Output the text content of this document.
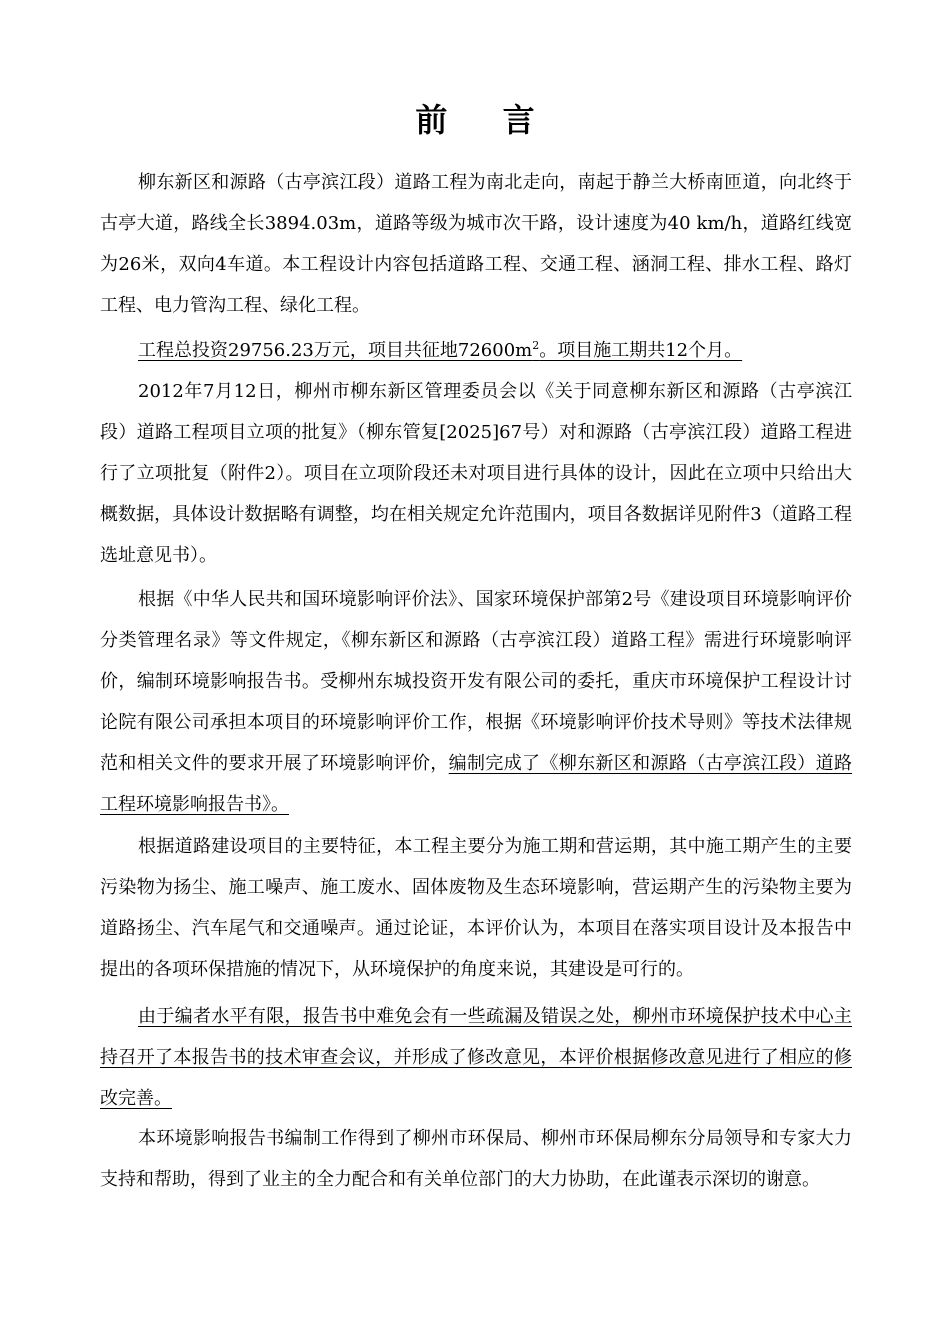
前 言

柳东新区和源路（古亭滨江段）道路工程为南北走向，南起于静兰大桥南匝道，向北终于古亭大道，路线全长3894.03m，道路等级为城市次干路，设计速度为40 km/h，道路红线宽为26米，双向4车道。本工程设计内容包括道路工程、交通工程、涵洞工程、排水工程、路灯工程、电力管沟工程、绿化工程。

工程总投资29756.23万元，项目共征地$72600m^2$。项目施工期共12个月。

2012年7月12日，柳州市柳东新区管理委员会以《关于同意柳东新区和源路（古亭滨江段）道路工程项目立项的批复》（柳东管复[2025]67号）对和源路（古亭滨江段）道路工程进行了立项批复（附件2）。项目在立项阶段还未对项目进行具体的设计，因此在立项中只给出大概数据，具体设计数据略有调整，均在相关规定允许范围内，项目各数据详见附件3（道路工程选址意见书）。

根据《中华人民共和国环境影响评价法》、国家环境保护部第2号《建设项目环境影响评价分类管理名录》等文件规定，《柳东新区和源路（古亭滨江段）道路工程》需进行环境影响评价，编制环境影响报告书。受柳州东城投资开发有限公司的委托，重庆市环境保护工程设计讨论院有限公司承担本项目的环境影响评价工作，根据《环境影响评价技术导则》等技术法律规范和相关文件的要求开展了环境影响评价，编制完成了《柳东新区和源路（古亭滨江段）道路工程环境影响报告书》。

根据道路建设项目的主要特征，本工程主要分为施工期和营运期，其中施工期产生的主要污染物为扬尘、施工噪声、施工废水、固体废物及生态环境影响，营运期产生的污染物主要为道路扬尘、汽车尾气和交通噪声。通过论证，本评价认为，本项目在落实项目设计及本报告中提出的各项环保措施的情况下，从环境保护的角度来说，其建设是可行的。

由于编者水平有限，报告书中难免会有一些疏漏及错误之处，柳州市环境保护技术中心主持召开了本报告书的技术审查会议，并形成了修改意见，本评价根据修改意见进行了相应的修改完善。

本环境影响报告书编制工作得到了柳州市环保局、柳州市环保局柳东分局领导和专家大力支持和帮助，得到了业主的全力配合和有关单位部门的大力协助，在此谨表示深切的谢意。
